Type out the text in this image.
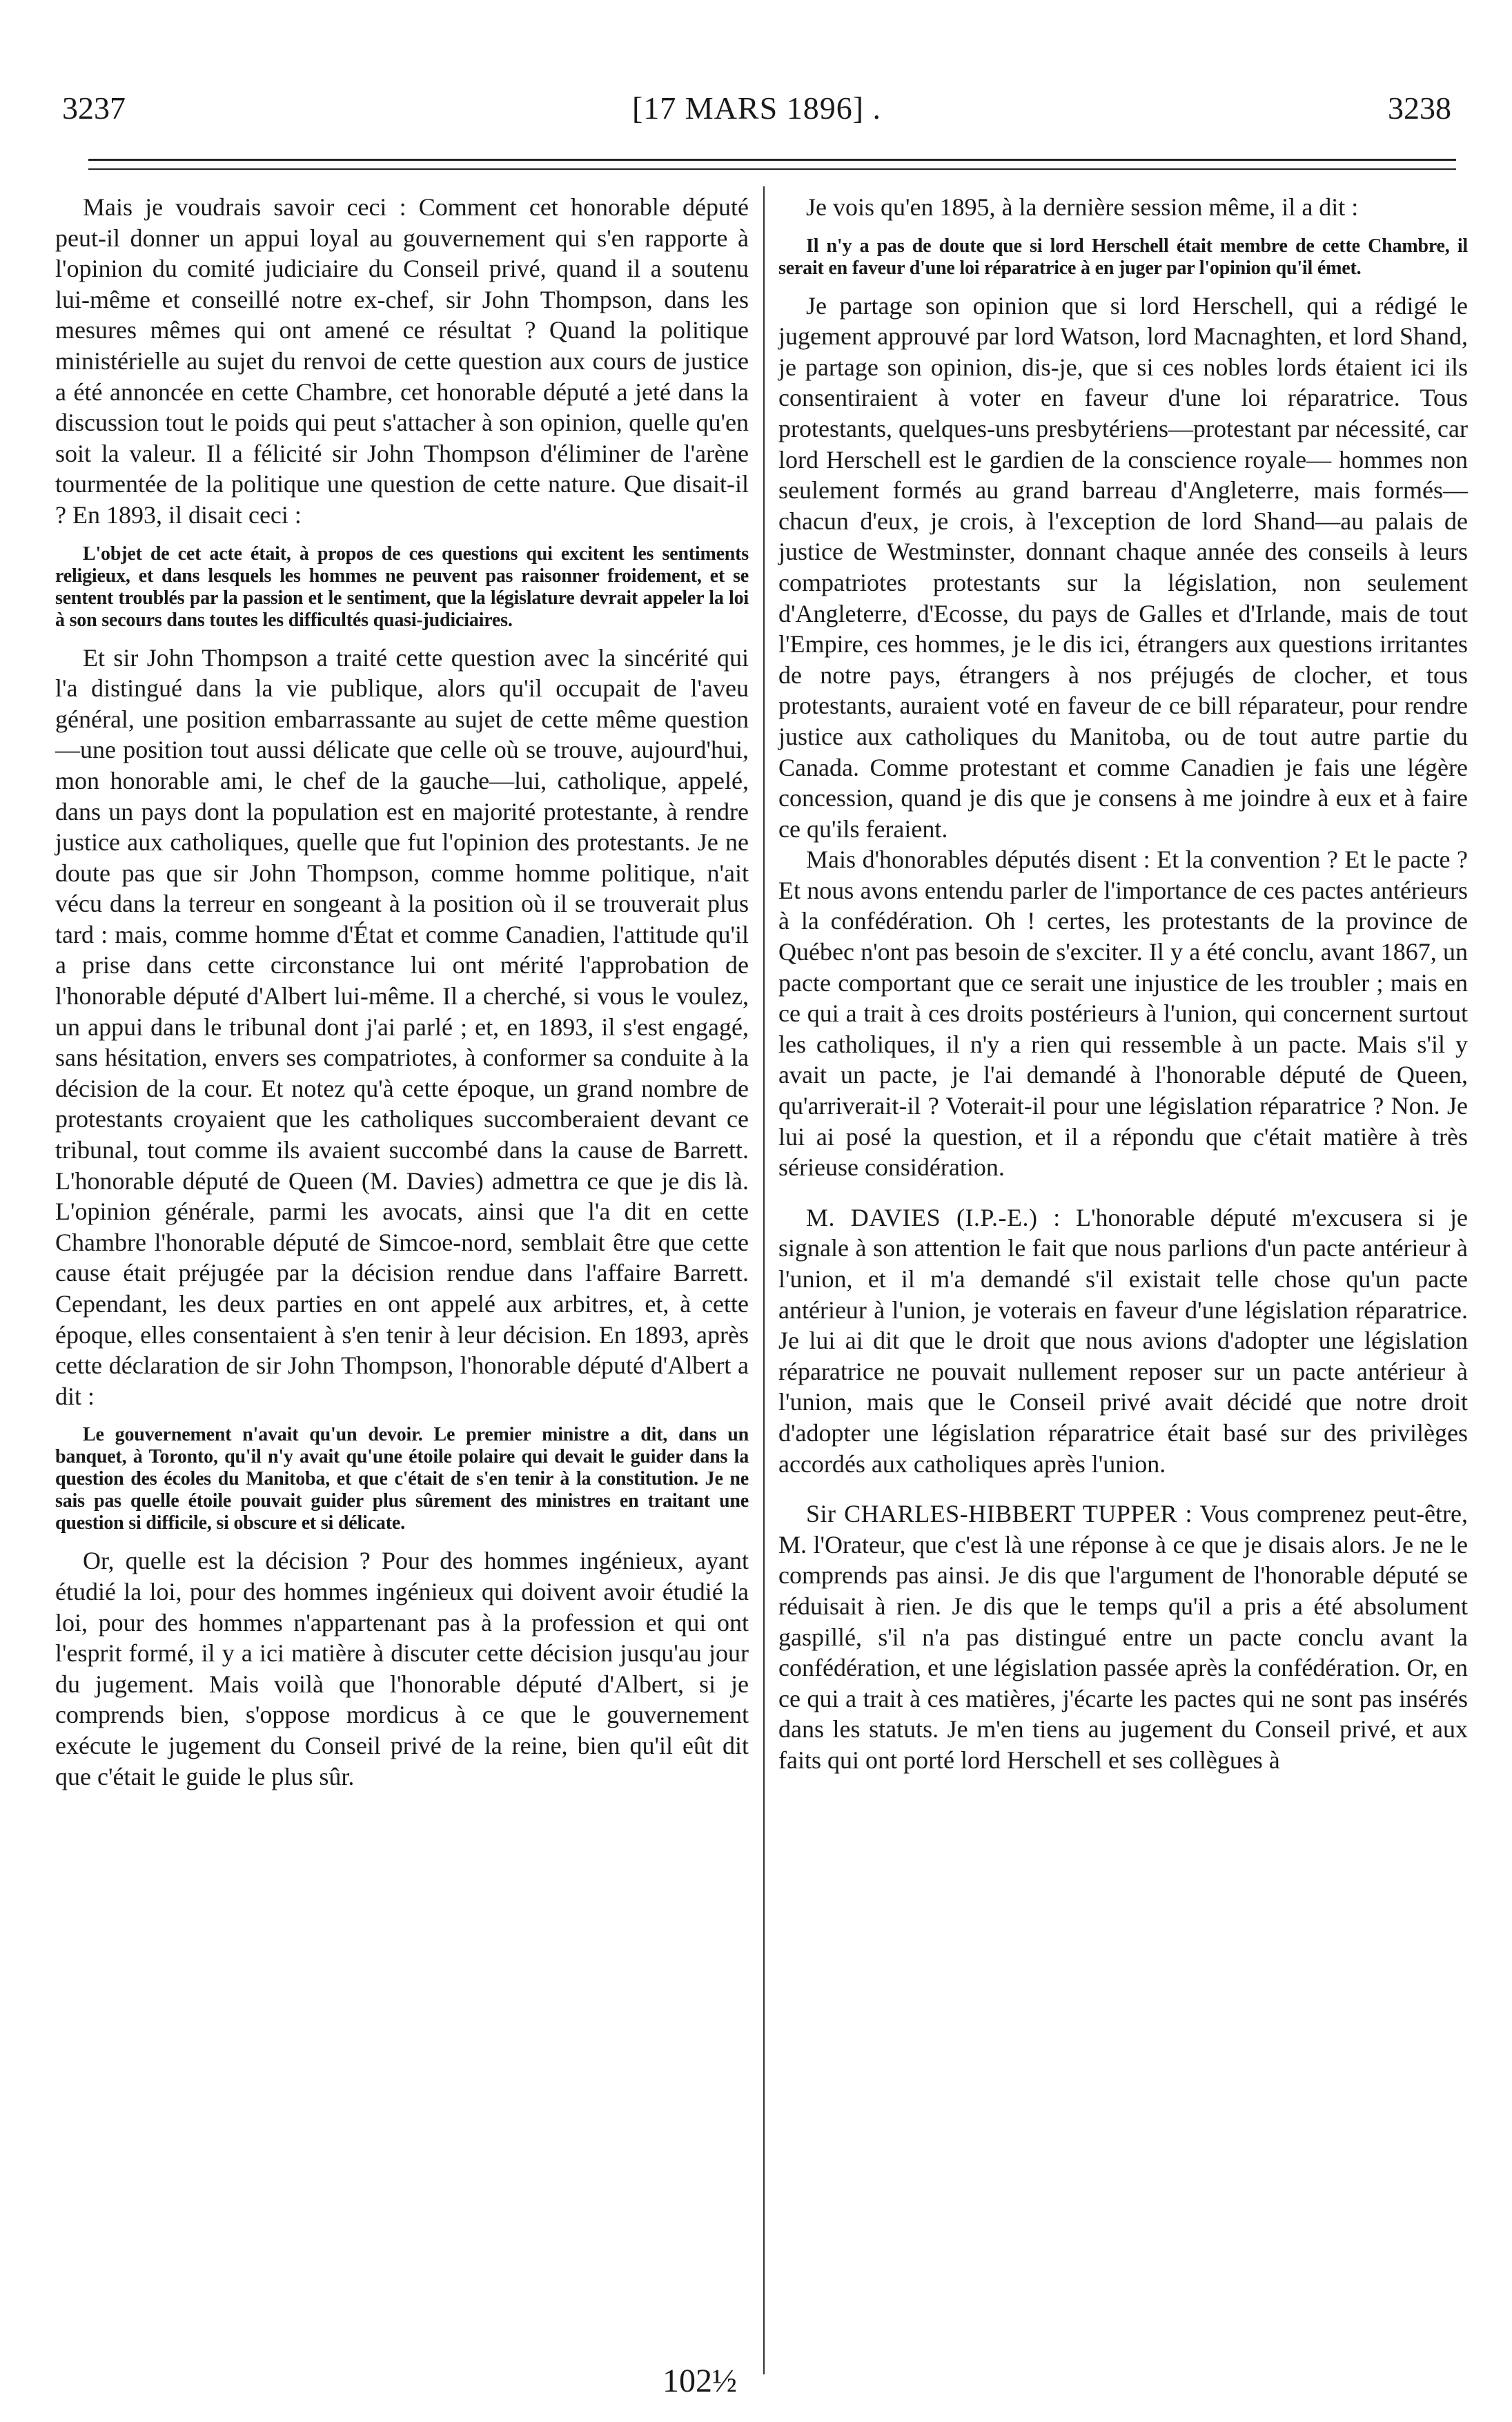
3237	[17 MARS 1896] .	3238

Mais je voudrais savoir ceci : Comment cet honorable député peut-il donner un appui loyal au gouvernement qui s'en rapporte à l'opinion du comité judiciaire du Conseil privé, quand il a soutenu lui-même et conseillé notre ex-chef, sir John Thompson, dans les mesures mêmes qui ont amené ce résultat ? Quand la politique ministérielle au sujet du renvoi de cette question aux cours de justice a été annoncée en cette Chambre, cet honorable député a jeté dans la discussion tout le poids qui peut s'attacher à son opinion, quelle qu'en soit la valeur. Il a félicité sir John Thompson d'éliminer de l'arène tourmentée de la politique une question de cette nature. Que disait-il ? En 1893, il disait ceci :

L'objet de cet acte était, à propos de ces questions qui excitent les sentiments religieux, et dans lesquels les hommes ne peuvent pas raisonner froidement, et se sentent troublés par la passion et le sentiment, que la législature devrait appeler la loi à son secours dans toutes les difficultés quasi-judiciaires.

Et sir John Thompson a traité cette question avec la sincérité qui l'a distingué dans la vie publique, alors qu'il occupait de l'aveu général, une position embarrassante au sujet de cette même question—une position tout aussi délicate que celle où se trouve, aujourd'hui, mon honorable ami, le chef de la gauche—lui, catholique, appelé, dans un pays dont la population est en majorité protestante, à rendre justice aux catholiques, quelle que fut l'opinion des protestants. Je ne doute pas que sir John Thompson, comme homme politique, n'ait vécu dans la terreur en songeant à la position où il se trouverait plus tard : mais, comme homme d'État et comme Canadien, l'attitude qu'il a prise dans cette circonstance lui ont mérité l'approbation de l'honorable député d'Albert lui-même. Il a cherché, si vous le voulez, un appui dans le tribunal dont j'ai parlé ; et, en 1893, il s'est engagé, sans hésitation, envers ses compatriotes, à conformer sa conduite à la décision de la cour. Et notez qu'à cette époque, un grand nombre de protestants croyaient que les catholiques succomberaient devant ce tribunal, tout comme ils avaient succombé dans la cause de Barrett. L'honorable député de Queen (M. Davies) admettra ce que je dis là. L'opinion générale, parmi les avocats, ainsi que l'a dit en cette Chambre l'honorable député de Simcoe-nord, semblait être que cette cause était préjugée par la décision rendue dans l'affaire Barrett. Cependant, les deux parties en ont appelé aux arbitres, et, à cette époque, elles consentaient à s'en tenir à leur décision. En 1893, après cette déclaration de sir John Thompson, l'honorable député d'Albert a dit :

Le gouvernement n'avait qu'un devoir. Le premier ministre a dit, dans un banquet, à Toronto, qu'il n'y avait qu'une étoile polaire qui devait le guider dans la question des écoles du Manitoba, et que c'était de s'en tenir à la constitution. Je ne sais pas quelle étoile pouvait guider plus sûrement des ministres en traitant une question si difficile, si obscure et si délicate.

Or, quelle est la décision ? Pour des hommes ingénieux, ayant étudié la loi, pour des hommes ingénieux qui doivent avoir étudié la loi, pour des hommes n'appartenant pas à la profession et qui ont l'esprit formé, il y a ici matière à discuter cette décision jusqu'au jour du jugement. Mais voilà que l'honorable député d'Albert, si je comprends bien, s'oppose mordicus à ce que le gouvernement exécute le jugement du Conseil privé de la reine, bien qu'il eût dit que c'était le guide le plus sûr.

Je vois qu'en 1895, à la dernière session même, il a dit :

Il n'y a pas de doute que si lord Herschell était membre de cette Chambre, il serait en faveur d'une loi réparatrice à en juger par l'opinion qu'il émet.

Je partage son opinion que si lord Herschell, qui a rédigé le jugement approuvé par lord Watson, lord Macnaghten, et lord Shand, je partage son opinion, dis-je, que si ces nobles lords étaient ici ils consentiraient à voter en faveur d'une loi réparatrice. Tous protestants, quelques-uns presbytériens—protestant par nécessité, car lord Herschell est le gardien de la conscience royale— hommes non seulement formés au grand barreau d'Angleterre, mais formés—chacun d'eux, je crois, à l'exception de lord Shand—au palais de justice de Westminster, donnant chaque année des conseils à leurs compatriotes protestants sur la législation, non seulement d'Angleterre, d'Ecosse, du pays de Galles et d'Irlande, mais de tout l'Empire, ces hommes, je le dis ici, étrangers aux questions irritantes de notre pays, étrangers à nos préjugés de clocher, et tous protestants, auraient voté en faveur de ce bill réparateur, pour rendre justice aux catholiques du Manitoba, ou de tout autre partie du Canada. Comme protestant et comme Canadien je fais une légère concession, quand je dis que je consens à me joindre à eux et à faire ce qu'ils feraient.

Mais d'honorables députés disent : Et la convention ? Et le pacte ? Et nous avons entendu parler de l'importance de ces pactes antérieurs à la confédération. Oh ! certes, les protestants de la province de Québec n'ont pas besoin de s'exciter. Il y a été conclu, avant 1867, un pacte comportant que ce serait une injustice de les troubler ; mais en ce qui a trait à ces droits postérieurs à l'union, qui concernent surtout les catholiques, il n'y a rien qui ressemble à un pacte. Mais s'il y avait un pacte, je l'ai demandé à l'honorable député de Queen, qu'arriverait-il ? Voterait-il pour une législation réparatrice ? Non. Je lui ai posé la question, et il a répondu que c'était matière à très sérieuse considération.

M. DAVIES (I.P.-E.) : L'honorable député m'excusera si je signale à son attention le fait que nous parlions d'un pacte antérieur à l'union, et il m'a demandé s'il existait telle chose qu'un pacte antérieur à l'union, je voterais en faveur d'une législation réparatrice. Je lui ai dit que le droit que nous avions d'adopter une législation réparatrice ne pouvait nullement reposer sur un pacte antérieur à l'union, mais que le Conseil privé avait décidé que notre droit d'adopter une législation réparatrice était basé sur des privilèges accordés aux catholiques après l'union.

Sir CHARLES-HIBBERT TUPPER : Vous comprenez peut-être, M. l'Orateur, que c'est là une réponse à ce que je disais alors. Je ne le comprends pas ainsi. Je dis que l'argument de l'honorable député se réduisait à rien. Je dis que le temps qu'il a pris a été absolument gaspillé, s'il n'a pas distingué entre un pacte conclu avant la confédération, et une législation passée après la confédération. Or, en ce qui a trait à ces matières, j'écarte les pactes qui ne sont pas insérés dans les statuts. Je m'en tiens au jugement du Conseil privé, et aux faits qui ont porté lord Herschell et ses collègues à

102½
